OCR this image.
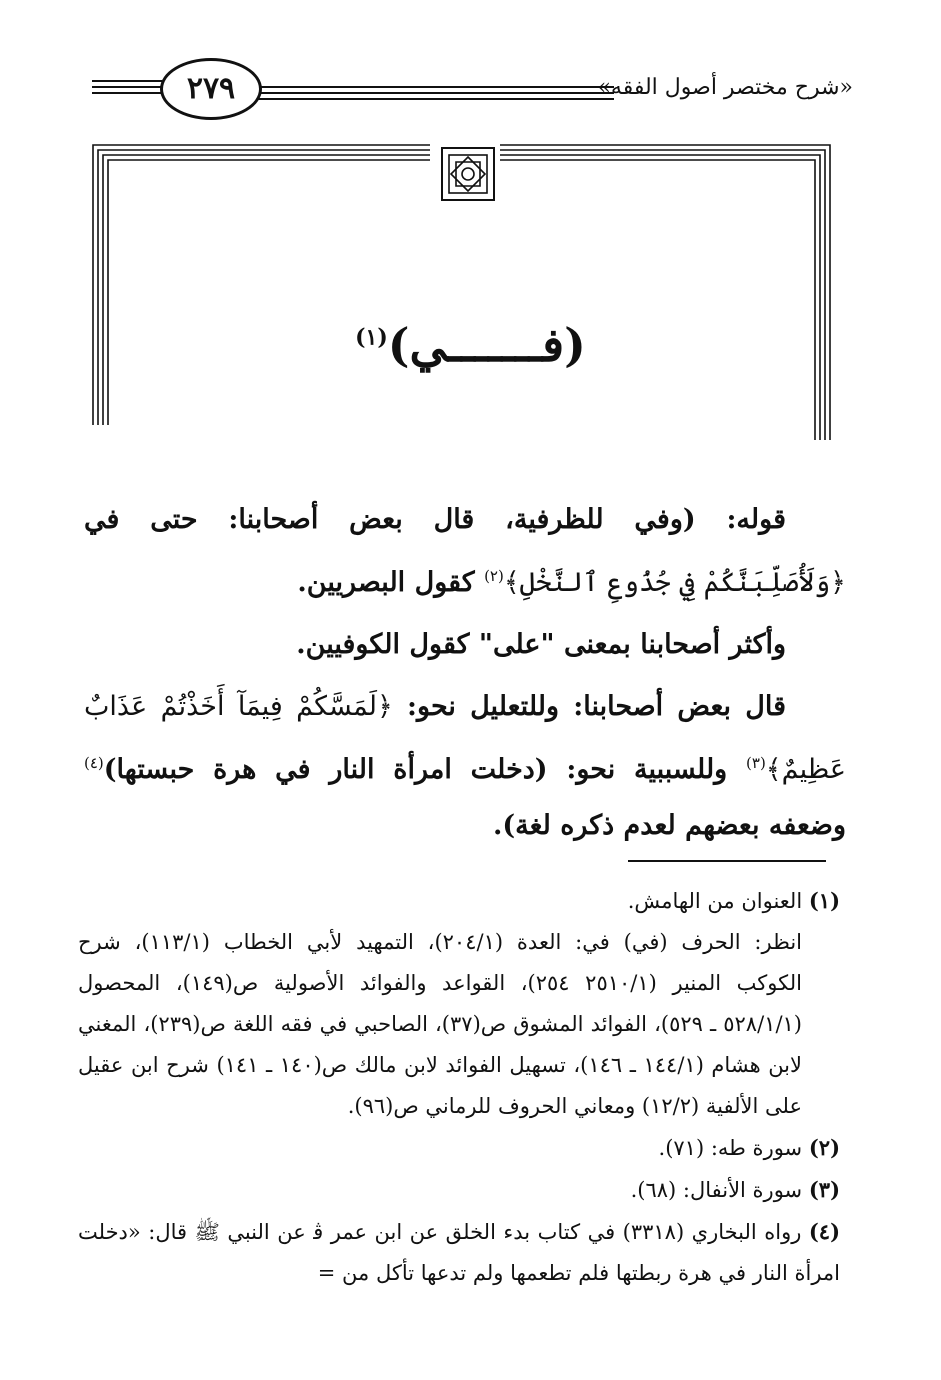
٢٧٩	«شرح مختصر أصول الفقه»
(فـــــــي)$^{(١)}$

قوله: (وفي للظرفية، قال بعض أصحابنا: حتى في ﴿وَلَأُصَلِّبَنَّكُمْ فِي جُذُوعِ ٱلنَّخْلِ﴾$^{(٢)}$ كقول البصريين.

وأكثر أصحابنا بمعنى "على" كقول الكوفيين.

قال بعض أصحابنا: وللتعليل نحو: ﴿لَمَسَّكُمْ فِيمَآ أَخَذْتُمْ عَذَابٌ عَظِيمٌ﴾$^{(٣)}$ وللسببية نحو: (دخلت امرأة النار في هرة حبستها)$^{(٤)}$ وضعفه بعضهم لعدم ذكره لغة).

(١) العنوان من الهامش.

انظر: الحرف (في) في: العدة (٢٠٤/١)، التمهيد لأبي الخطاب (١١٣/١)، شرح الكوكب المنير (٢٥١٠/١ ٢٥٤)، القواعد والفوائد الأصولية ص(١٤٩)، المحصول (٥٢٨/١/١ ـ ٥٢٩)، الفوائد المشوق ص(٣٧)، الصاحبي في فقه اللغة ص(٢٣٩)، المغني لابن هشام (١٤٤/١ ـ ١٤٦)، تسهيل الفوائد لابن مالك ص(١٤٠ ـ ١٤١) شرح ابن عقيل على الألفية (١٢/٢) ومعاني الحروف للرماني ص(٩٦).

(٢) سورة طه: (٧١).

(٣) سورة الأنفال: (٦٨).

(٤) رواه البخاري (٣٣١٨) في كتاب بدء الخلق عن ابن عمر ﭬ عن النبي ﷺ قال: «دخلت امرأة النار في هرة ربطتها فلم تطعمها ولم تدعها تأكل من =
